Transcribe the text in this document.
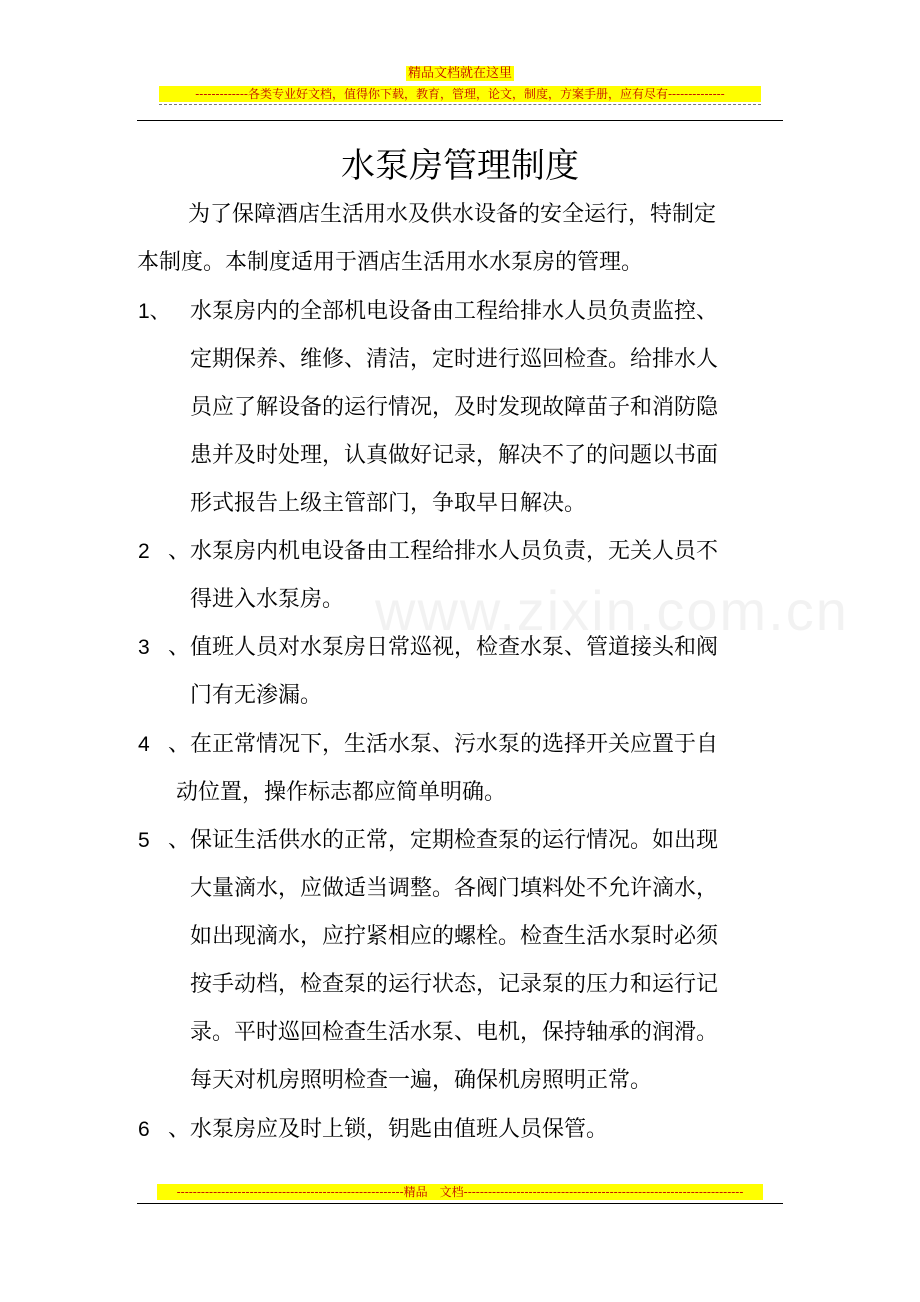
精品文档就在这里
-------------各类专业好文档，值得你下载，教育，管理，论文，制度，方案手册，应有尽有--------------
www.zixin.com.cn
水泵房管理制度
为了保障酒店生活用水及供水设备的安全运行，特制定
本制度。本制度适用于酒店生活用水水泵房的管理。
1、 水泵房内的全部机电设备由工程给排水人员负责监控、
定期保养、维修、清洁，定时进行巡回检查。给排水人
员应了解设备的运行情况，及时发现故障苗子和消防隐
患并及时处理，认真做好记录，解决不了的问题以书面
形式报告上级主管部门，争取早日解决。
2 、水泵房内机电设备由工程给排水人员负责，无关人员不
得进入水泵房。
3 、值班人员对水泵房日常巡视，检查水泵、管道接头和阀
门有无渗漏。
4 、在正常情况下，生活水泵、污水泵的选择开关应置于自
动位置，操作标志都应简单明确。
5 、保证生活供水的正常，定期检查泵的运行情况。如出现
大量滴水，应做适当调整。各阀门填料处不允许滴水，
如出现滴水，应拧紧相应的螺栓。检查生活水泵时必须
按手动档，检查泵的运行状态，记录泵的压力和运行记
录。平时巡回检查生活水泵、电机，保持轴承的润滑。
每天对机房照明检查一遍，确保机房照明正常。
6 、水泵房应及时上锁，钥匙由值班人员保管。
--------------------------------------------------------精品　文档---------------------------------------------------------------------
